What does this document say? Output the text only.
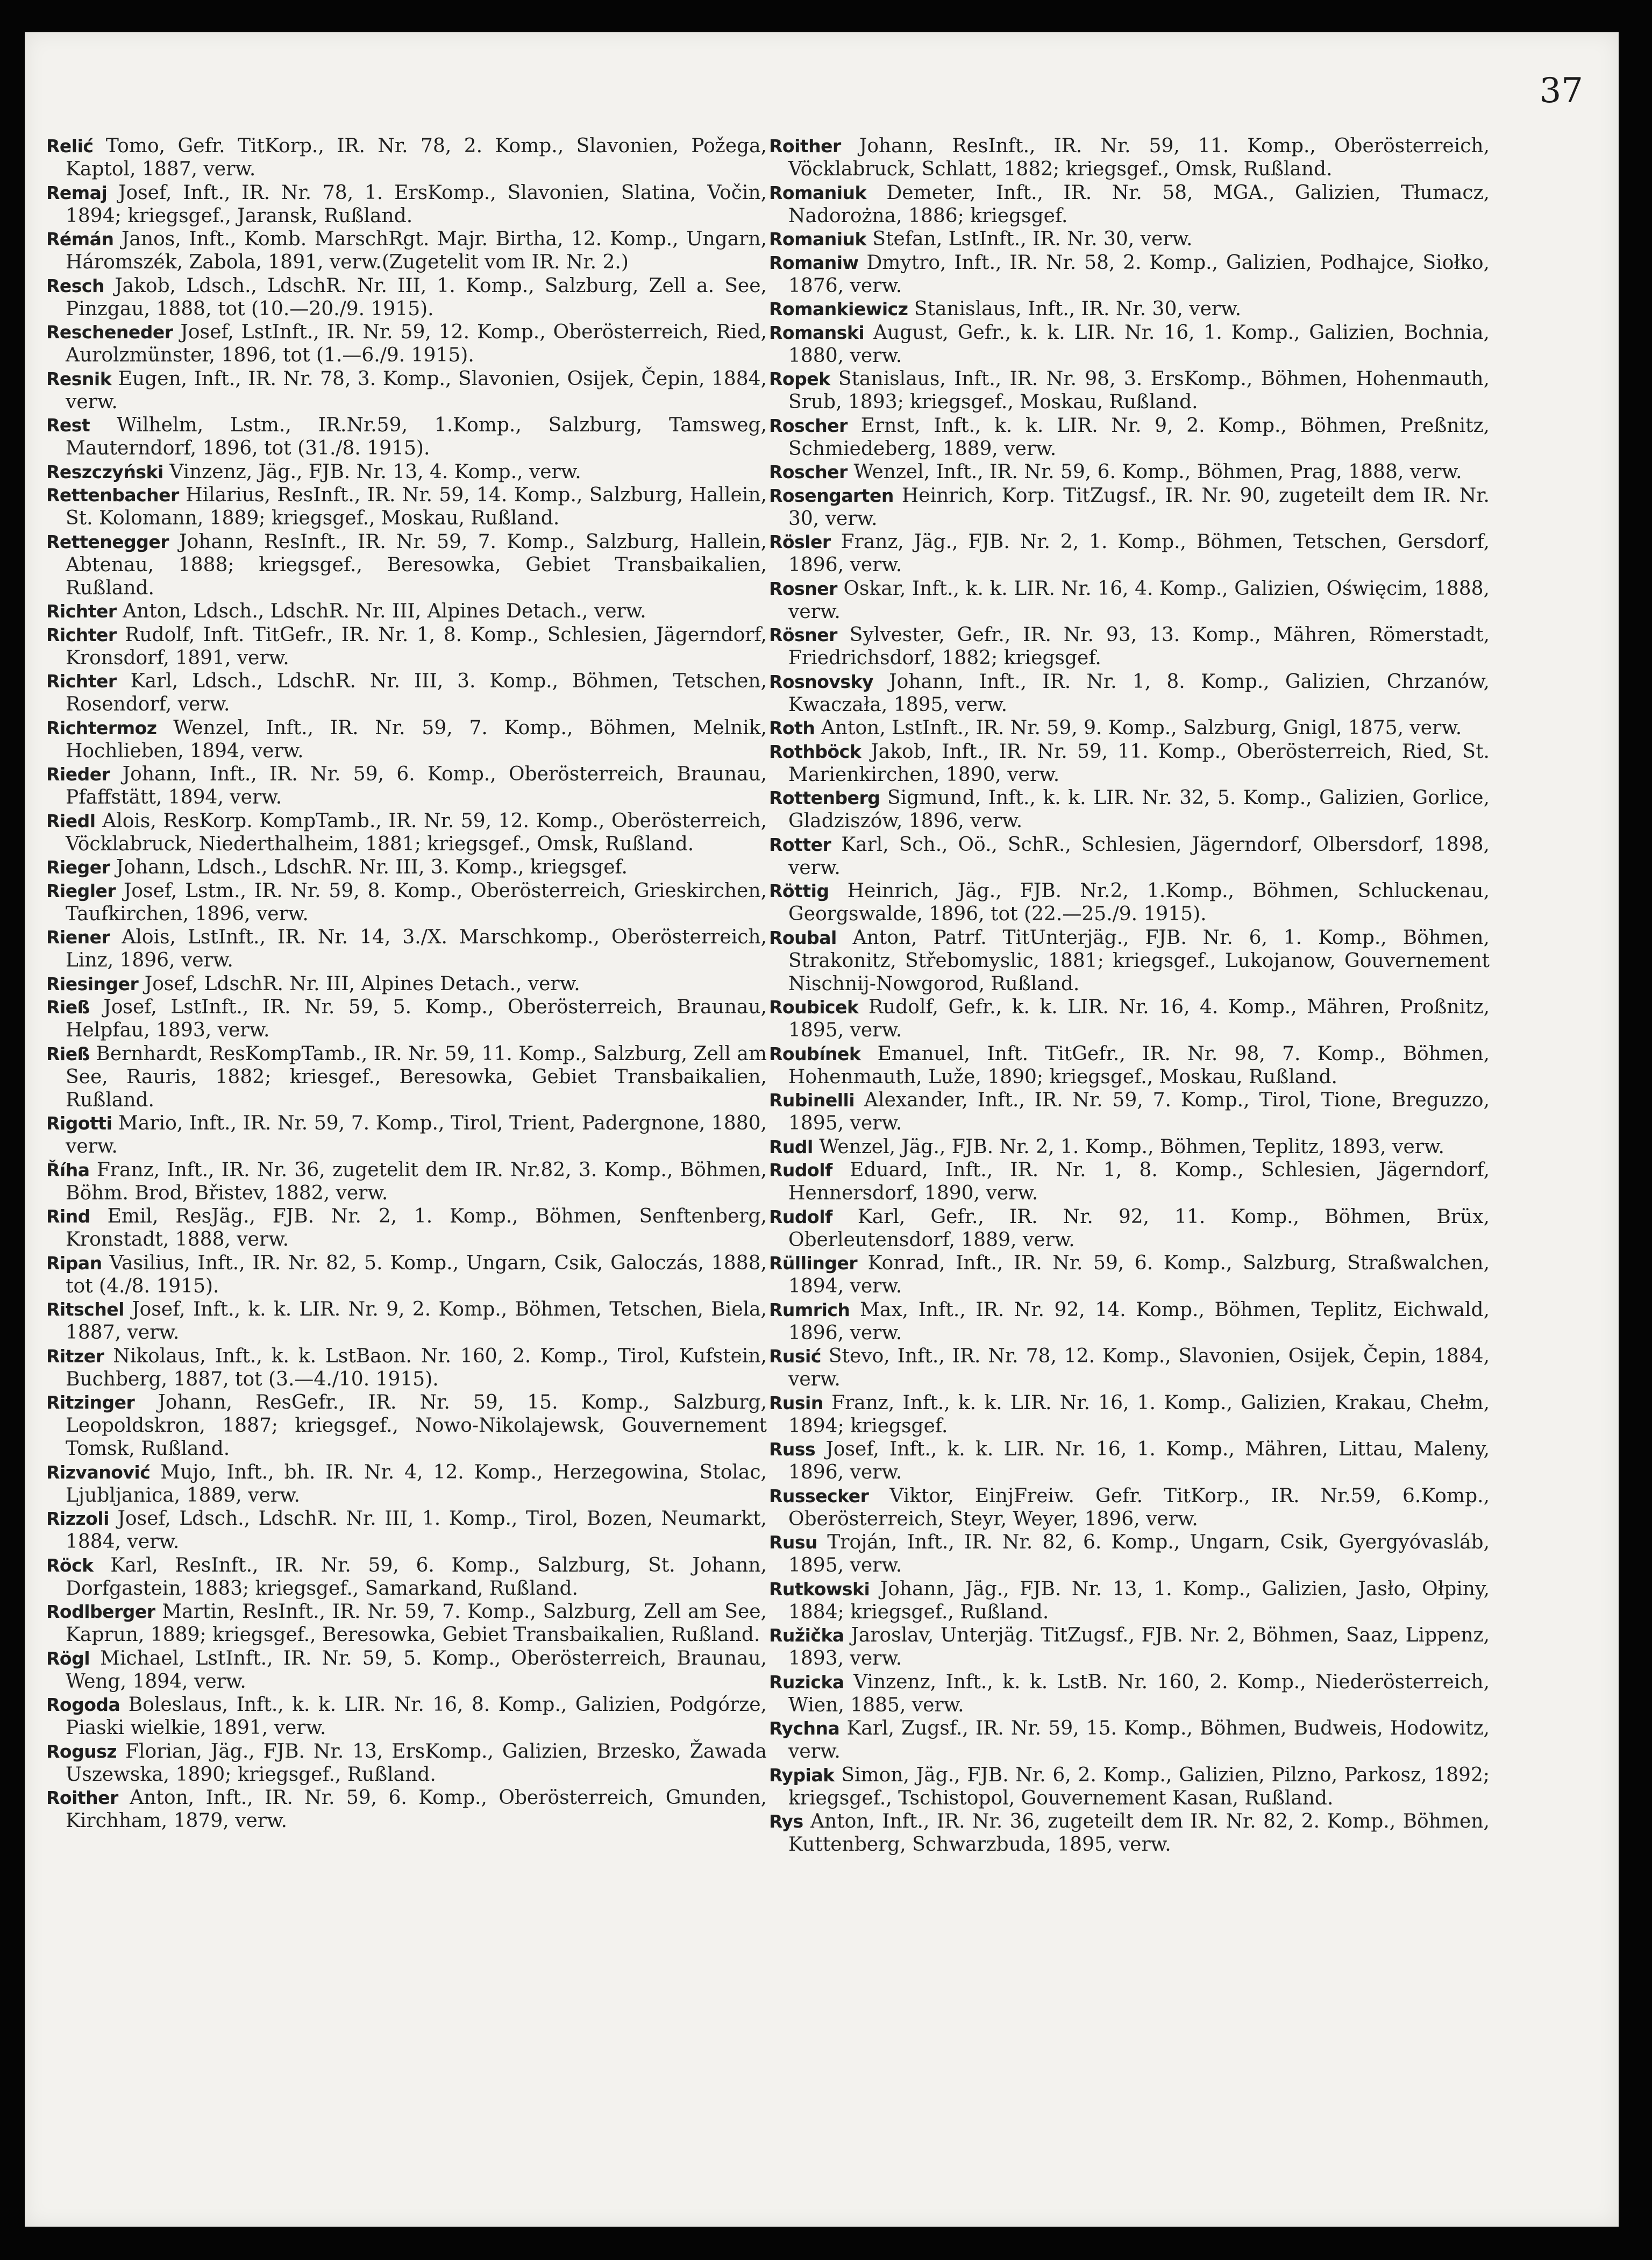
37

Relić Tomo, Gefr. TitKorp., IR. Nr. 78, 2. Komp., Slavonien, Požega, Kaptol, 1887, verw.

Remaj Josef, Inft., IR. Nr. 78, 1. ErsKomp., Slavonien, Slatina, Vočin, 1894; kriegsgef., Jaransk, Rußland.

Rémán Janos, Inft., Komb. MarschRgt. Majr. Birtha, 12. Komp., Ungarn, Háromszék, Zabola, 1891, verw.(Zugetelit vom IR. Nr. 2.)

Resch Jakob, Ldsch., LdschR. Nr. III, 1. Komp., Salzburg, Zell a. See, Pinzgau, 1888, tot (10.—20./9. 1915).

Rescheneder Josef, LstInft., IR. Nr. 59, 12. Komp., Oberösterreich, Ried, Aurolzmünster, 1896, tot (1.—6./9. 1915).

Resnik Eugen, Inft., IR. Nr. 78, 3. Komp., Slavonien, Osijek, Čepin, 1884, verw.

Rest Wilhelm, Lstm., IR.Nr.59, 1.Komp., Salzburg, Tamsweg, Mauterndorf, 1896, tot (31./8. 1915).

Reszczyński Vinzenz, Jäg., FJB. Nr. 13, 4. Komp., verw.

Rettenbacher Hilarius, ResInft., IR. Nr. 59, 14. Komp., Salzburg, Hallein, St. Kolomann, 1889; kriegsgef., Moskau, Rußland.

Rettenegger Johann, ResInft., IR. Nr. 59, 7. Komp., Salzburg, Hallein, Abtenau, 1888; kriegsgef., Beresowka, Gebiet Transbaikalien, Rußland.

Richter Anton, Ldsch., LdschR. Nr. III, Alpines Detach., verw.

Richter Rudolf, Inft. TitGefr., IR. Nr. 1, 8. Komp., Schlesien, Jägerndorf, Kronsdorf, 1891, verw.

Richter Karl, Ldsch., LdschR. Nr. III, 3. Komp., Böhmen, Tetschen, Rosendorf, verw.

Richtermoz Wenzel, Inft., IR. Nr. 59, 7. Komp., Böhmen, Melnik, Hochlieben, 1894, verw.

Rieder Johann, Inft., IR. Nr. 59, 6. Komp., Oberösterreich, Braunau, Pfaffstätt, 1894, verw.

Riedl Alois, ResKorp. KompTamb., IR. Nr. 59, 12. Komp., Oberösterreich, Vöcklabruck, Niederthalheim, 1881; kriegsgef., Omsk, Rußland.

Rieger Johann, Ldsch., LdschR. Nr. III, 3. Komp., kriegsgef.

Riegler Josef, Lstm., IR. Nr. 59, 8. Komp., Oberösterreich, Grieskirchen, Taufkirchen, 1896, verw.

Riener Alois, LstInft., IR. Nr. 14, 3./X. Marschkomp., Oberösterreich, Linz, 1896, verw.

Riesinger Josef, LdschR. Nr. III, Alpines Detach., verw.

Rieß Josef, LstInft., IR. Nr. 59, 5. Komp., Oberösterreich, Braunau, Helpfau, 1893, verw.

Rieß Bernhardt, ResKompTamb., IR. Nr. 59, 11. Komp., Salzburg, Zell am See, Rauris, 1882; kriesgef., Beresowka, Gebiet Transbaikalien, Rußland.

Rigotti Mario, Inft., IR. Nr. 59, 7. Komp., Tirol, Trient, Padergnone, 1880, verw.

Říha Franz, Inft., IR. Nr. 36, zugetelit dem IR. Nr.82, 3. Komp., Böhmen, Böhm. Brod, Břistev, 1882, verw.

Rind Emil, ResJäg., FJB. Nr. 2, 1. Komp., Böhmen, Senftenberg, Kronstadt, 1888, verw.

Ripan Vasilius, Inft., IR. Nr. 82, 5. Komp., Ungarn, Csik, Galoczás, 1888, tot (4./8. 1915).

Ritschel Josef, Inft., k. k. LIR. Nr. 9, 2. Komp., Böhmen, Tetschen, Biela, 1887, verw.

Ritzer Nikolaus, Inft., k. k. LstBaon. Nr. 160, 2. Komp., Tirol, Kufstein, Buchberg, 1887, tot (3.—4./10. 1915).

Ritzinger Johann, ResGefr., IR. Nr. 59, 15. Komp., Salzburg, Leopoldskron, 1887; kriegsgef., Nowo-Nikolajewsk, Gouvernement Tomsk, Rußland.

Rizvanović Mujo, Inft., bh. IR. Nr. 4, 12. Komp., Herzegowina, Stolac, Ljubljanica, 1889, verw.

Rizzoli Josef, Ldsch., LdschR. Nr. III, 1. Komp., Tirol, Bozen, Neumarkt, 1884, verw.

Röck Karl, ResInft., IR. Nr. 59, 6. Komp., Salzburg, St. Johann, Dorfgastein, 1883; kriegsgef., Samarkand, Rußland.

Rodlberger Martin, ResInft., IR. Nr. 59, 7. Komp., Salzburg, Zell am See, Kaprun, 1889; kriegsgef., Beresowka, Gebiet Transbaikalien, Rußland.

Rögl Michael, LstInft., IR. Nr. 59, 5. Komp., Oberösterreich, Braunau, Weng, 1894, verw.

Rogoda Boleslaus, Inft., k. k. LIR. Nr. 16, 8. Komp., Galizien, Podgórze, Piaski wielkie, 1891, verw.

Rogusz Florian, Jäg., FJB. Nr. 13, ErsKomp., Galizien, Brzesko, Žawada Uszewska, 1890; kriegsgef., Rußland.

Roither Anton, Inft., IR. Nr. 59, 6. Komp., Oberösterreich, Gmunden, Kirchham, 1879, verw.

Roither Johann, ResInft., IR. Nr. 59, 11. Komp., Oberösterreich, Vöcklabruck, Schlatt, 1882; kriegsgef., Omsk, Rußland.

Romaniuk Demeter, Inft., IR. Nr. 58, MGA., Galizien, Tłumacz, Nadorożna, 1886; kriegsgef.

Romaniuk Stefan, LstInft., IR. Nr. 30, verw.

Romaniw Dmytro, Inft., IR. Nr. 58, 2. Komp., Galizien, Podhajce, Siołko, 1876, verw.

Romankiewicz Stanislaus, Inft., IR. Nr. 30, verw.

Romanski August, Gefr., k. k. LIR. Nr. 16, 1. Komp., Galizien, Bochnia, 1880, verw.

Ropek Stanislaus, Inft., IR. Nr. 98, 3. ErsKomp., Böhmen, Hohenmauth, Srub, 1893; kriegsgef., Moskau, Rußland.

Roscher Ernst, Inft., k. k. LIR. Nr. 9, 2. Komp., Böhmen, Preßnitz, Schmiedeberg, 1889, verw.

Roscher Wenzel, Inft., IR. Nr. 59, 6. Komp., Böhmen, Prag, 1888, verw.

Rosengarten Heinrich, Korp. TitZugsf., IR. Nr. 90, zugeteilt dem IR. Nr. 30, verw.

Rösler Franz, Jäg., FJB. Nr. 2, 1. Komp., Böhmen, Tetschen, Gersdorf, 1896, verw.

Rosner Oskar, Inft., k. k. LIR. Nr. 16, 4. Komp., Galizien, Oświęcim, 1888, verw.

Rösner Sylvester, Gefr., IR. Nr. 93, 13. Komp., Mähren, Römerstadt, Friedrichsdorf, 1882; kriegsgef.

Rosnovsky Johann, Inft., IR. Nr. 1, 8. Komp., Galizien, Chrzanów, Kwaczała, 1895, verw.

Roth Anton, LstInft., IR. Nr. 59, 9. Komp., Salzburg, Gnigl, 1875, verw.

Rothböck Jakob, Inft., IR. Nr. 59, 11. Komp., Oberösterreich, Ried, St. Marienkirchen, 1890, verw.

Rottenberg Sigmund, Inft., k. k. LIR. Nr. 32, 5. Komp., Galizien, Gorlice, Gladziszów, 1896, verw.

Rotter Karl, Sch., Oö., SchR., Schlesien, Jägerndorf, Olbersdorf, 1898, verw.

Röttig Heinrich, Jäg., FJB. Nr.2, 1.Komp., Böhmen, Schluckenau, Georgswalde, 1896, tot (22.—25./9. 1915).

Roubal Anton, Patrf. TitUnterjäg., FJB. Nr. 6, 1. Komp., Böhmen, Strakonitz, Střebomyslic, 1881; kriegsgef., Lukojanow, Gouvernement Nischnij-Nowgorod, Rußland.

Roubicek Rudolf, Gefr., k. k. LIR. Nr. 16, 4. Komp., Mähren, Proßnitz, 1895, verw.

Roubínek Emanuel, Inft. TitGefr., IR. Nr. 98, 7. Komp., Böhmen, Hohenmauth, Luže, 1890; kriegsgef., Moskau, Rußland.

Rubinelli Alexander, Inft., IR. Nr. 59, 7. Komp., Tirol, Tione, Breguzzo, 1895, verw.

Rudl Wenzel, Jäg., FJB. Nr. 2, 1. Komp., Böhmen, Teplitz, 1893, verw.

Rudolf Eduard, Inft., IR. Nr. 1, 8. Komp., Schlesien, Jägerndorf, Hennersdorf, 1890, verw.

Rudolf Karl, Gefr., IR. Nr. 92, 11. Komp., Böhmen, Brüx, Oberleutensdorf, 1889, verw.

Rüllinger Konrad, Inft., IR. Nr. 59, 6. Komp., Salzburg, Straßwalchen, 1894, verw.

Rumrich Max, Inft., IR. Nr. 92, 14. Komp., Böhmen, Teplitz, Eichwald, 1896, verw.

Rusić Stevo, Inft., IR. Nr. 78, 12. Komp., Slavonien, Osijek, Čepin, 1884, verw.

Rusin Franz, Inft., k. k. LIR. Nr. 16, 1. Komp., Galizien, Krakau, Chełm, 1894; kriegsgef.

Russ Josef, Inft., k. k. LIR. Nr. 16, 1. Komp., Mähren, Littau, Maleny, 1896, verw.

Russecker Viktor, EinjFreiw. Gefr. TitKorp., IR. Nr.59, 6.Komp., Oberösterreich, Steyr, Weyer, 1896, verw.

Rusu Troján, Inft., IR. Nr. 82, 6. Komp., Ungarn, Csik, Gyergyóvasláb, 1895, verw.

Rutkowski Johann, Jäg., FJB. Nr. 13, 1. Komp., Galizien, Jasło, Ołpiny, 1884; kriegsgef., Rußland.

Ružička Jaroslav, Unterjäg. TitZugsf., FJB. Nr. 2, Böhmen, Saaz, Lippenz, 1893, verw.

Ruzicka Vinzenz, Inft., k. k. LstB. Nr. 160, 2. Komp., Niederösterreich, Wien, 1885, verw.

Rychna Karl, Zugsf., IR. Nr. 59, 15. Komp., Böhmen, Budweis, Hodowitz, verw.

Rypiak Simon, Jäg., FJB. Nr. 6, 2. Komp., Galizien, Pilzno, Parkosz, 1892; kriegsgef., Tschistopol, Gouvernement Kasan, Rußland.

Rys Anton, Inft., IR. Nr. 36, zugeteilt dem IR. Nr. 82, 2. Komp., Böhmen, Kuttenberg, Schwarzbuda, 1895, verw.
